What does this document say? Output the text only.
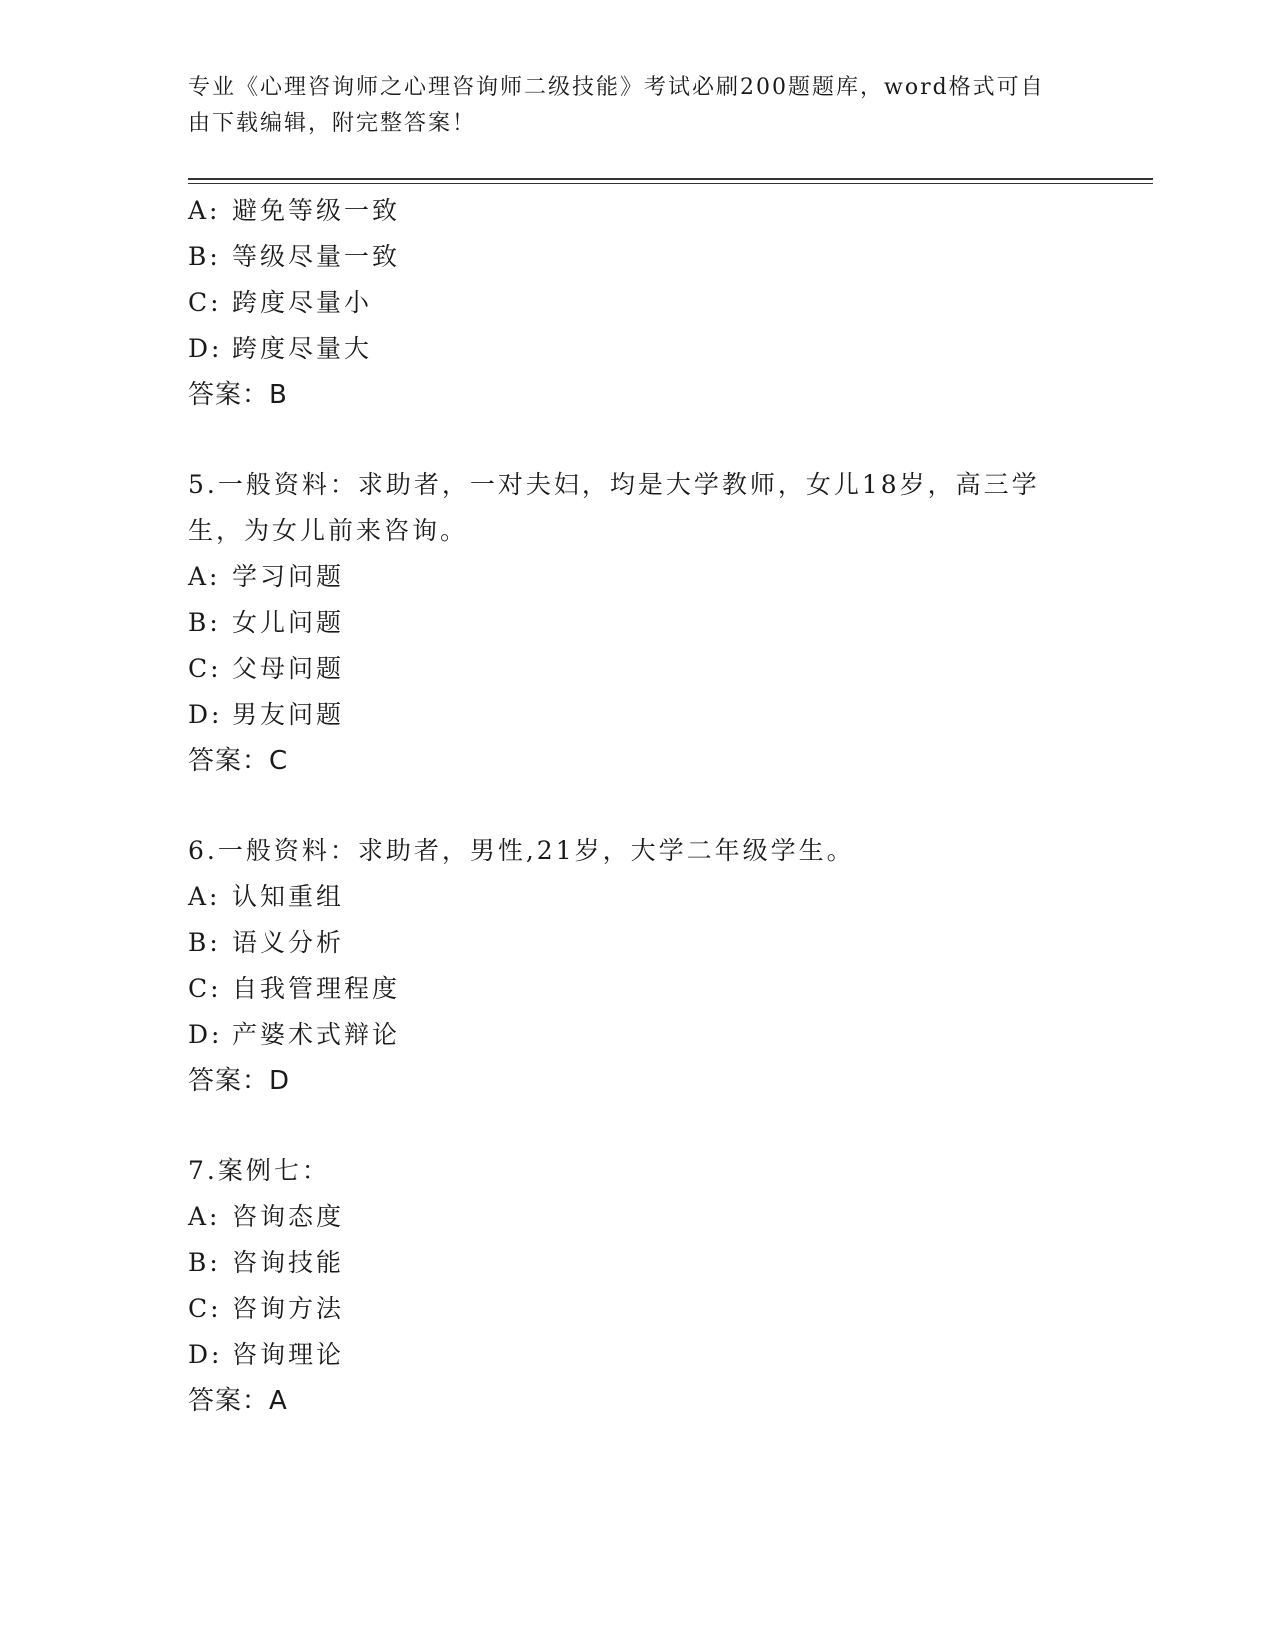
专业《心理咨询师之心理咨询师二级技能》考试必刷200题题库，word格式可自由下载编辑，附完整答案！
A: 避免等级一致
B: 等级尽量一致
C: 跨度尽量小
D: 跨度尽量大
答案：B
5.一般资料：求助者，一对夫妇，均是大学教师，女儿18岁，高三学生，为女儿前来咨询。
A: 学习问题
B: 女儿问题
C: 父母问题
D: 男友问题
答案：C
6.一般资料：求助者，男性,21岁，大学二年级学生。
A: 认知重组
B: 语义分析
C: 自我管理程度
D: 产婆术式辩论
答案：D
7.案例七：
A: 咨询态度
B: 咨询技能
C: 咨询方法
D: 咨询理论
答案：A
